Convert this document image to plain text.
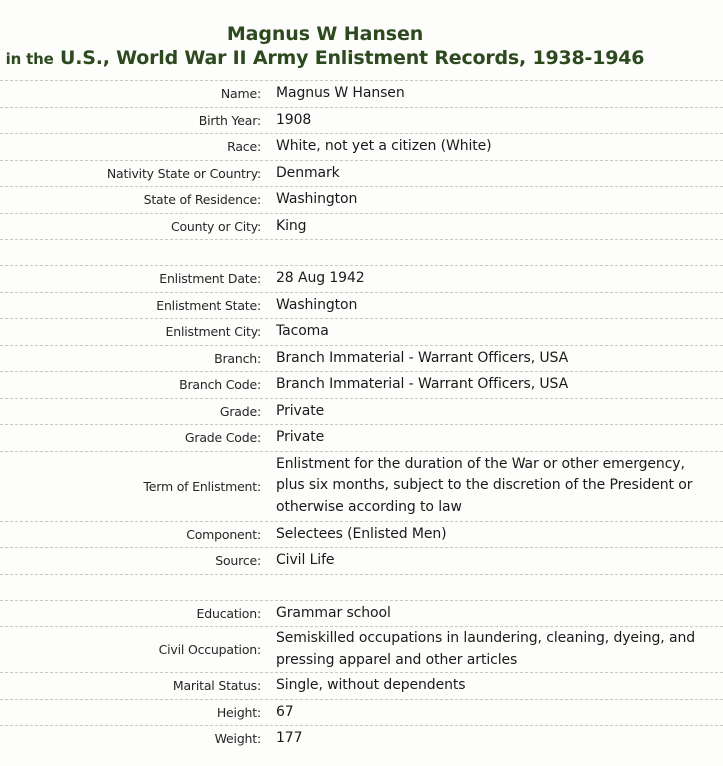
Magnus W Hansen
in the U.S., World War II Army Enlistment Records, 1938-1946
Name:	Magnus W Hansen
Birth Year:	1908
Race:	White, not yet a citizen (White)
Nativity State or Country:	Denmark
State of Residence:	Washington
County or City:	King
Enlistment Date:	28 Aug 1942
Enlistment State:	Washington
Enlistment City:	Tacoma
Branch:	Branch Immaterial - Warrant Officers, USA
Branch Code:	Branch Immaterial - Warrant Officers, USA
Grade:	Private
Grade Code:	Private
Term of Enlistment:
Enlistment for the duration of the War or other emergency, plus six months, subject to the discretion of the President or otherwise according to law
Component:	Selectees (Enlisted Men)
Source:	Civil Life
Education:	Grammar school
Civil Occupation:
Semiskilled occupations in laundering, cleaning, dyeing, and pressing apparel and other articles
Marital Status:	Single, without dependents
Height:	67
Weight:	177
